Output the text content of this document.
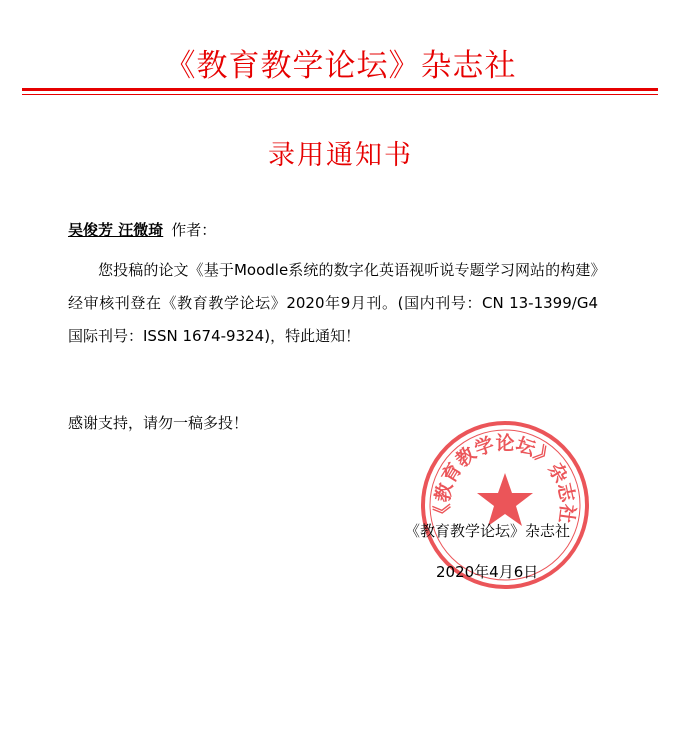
《教育教学论坛》杂志社
录用通知书
吴俊芳 汪微琦 作者：
您投稿的论文《基于Moodle系统的数字化英语视听说专题学习网站的构建》经审核刊登在《教育教学论坛》2020年9月刊。(国内刊号：CN 13-1399/G4 国际刊号：ISSN 1674-9324)，特此通知！
感谢支持，请勿一稿多投！
《教育教学论坛》杂志社
《教育教学论坛》杂志社
2020年4月6日
